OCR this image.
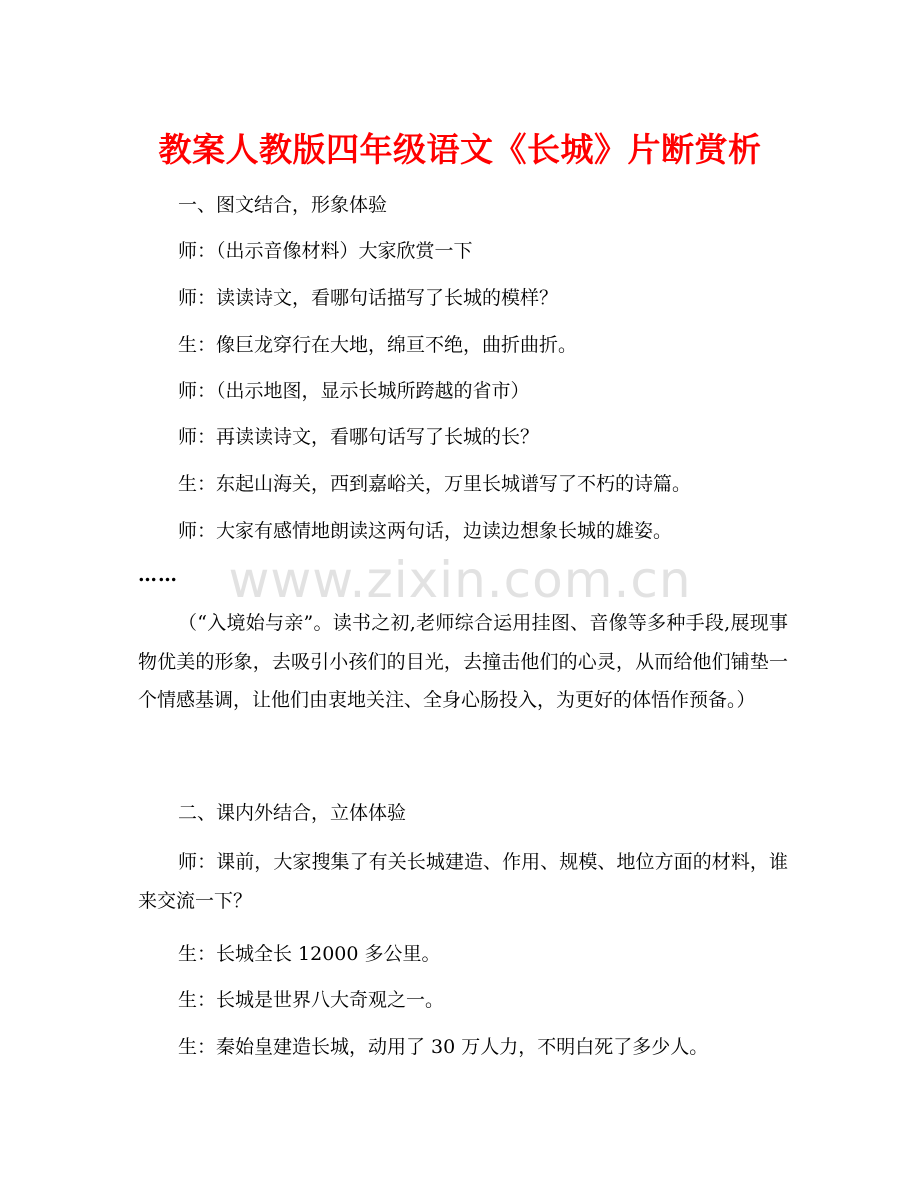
教案人教版四年级语文《长城》片断赏析

一、图文结合，形象体验

师：（出示音像材料）大家欣赏一下

师：读读诗文，看哪句话描写了长城的模样？

生：像巨龙穿行在大地，绵亘不绝，曲折曲折。

师：（出示地图，显示长城所跨越的省市）

师：再读读诗文，看哪句话写了长城的长？

生：东起山海关，西到嘉峪关，万里长城谱写了不朽的诗篇。

师：大家有感情地朗读这两句话，边读边想象长城的雄姿。

……

（“入境始与亲”。读书之初,老师综合运用挂图、音像等多种手段,展现事物优美的形象，去吸引小孩们的目光，去撞击他们的心灵，从而给他们铺垫一个情感基调，让他们由衷地关注、全身心肠投入，为更好的体悟作预备。）

二、课内外结合，立体体验

师：课前，大家搜集了有关长城建造、作用、规模、地位方面的材料，谁来交流一下？

生：长城全长 12000 多公里。

生：长城是世界八大奇观之一。

生：秦始皇建造长城，动用了 30 万人力，不明白死了多少人。

www.zixin.com.cn
